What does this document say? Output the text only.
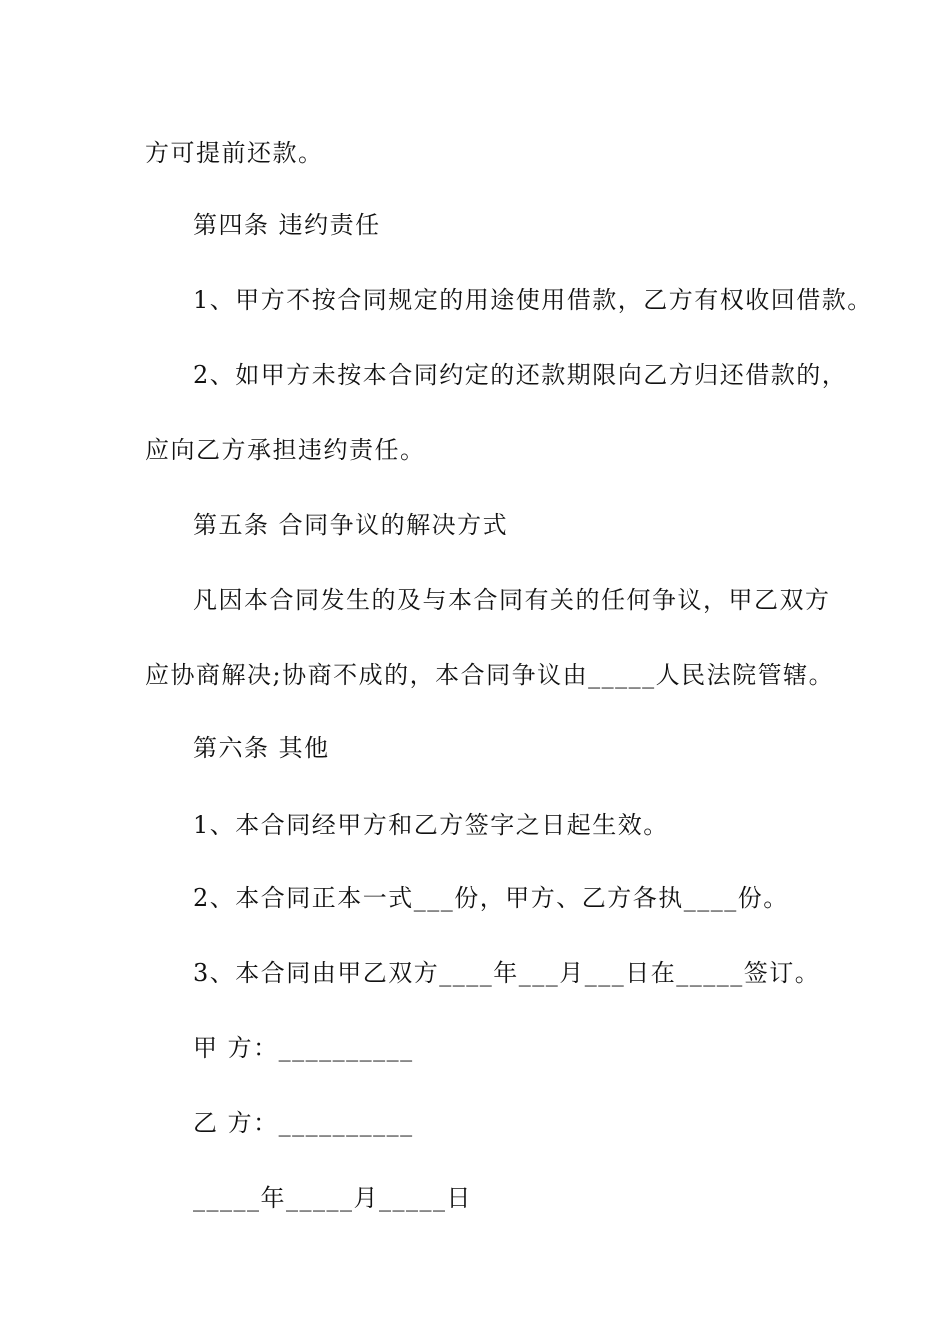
方可提前还款。
第四条 违约责任
1、甲方不按合同规定的用途使用借款，乙方有权收回借款。
2、如甲方未按本合同约定的还款期限向乙方归还借款的，
应向乙方承担违约责任。
第五条 合同争议的解决方式
凡因本合同发生的及与本合同有关的任何争议，甲乙双方
应协商解决;协商不成的，本合同争议由_____人民法院管辖。
第六条 其他
1、本合同经甲方和乙方签字之日起生效。
2、本合同正本一式___份，甲方、乙方各执____份。
3、本合同由甲乙双方____年___月___日在_____签订。
甲 方：__________
乙 方：__________
_____年_____月_____日
